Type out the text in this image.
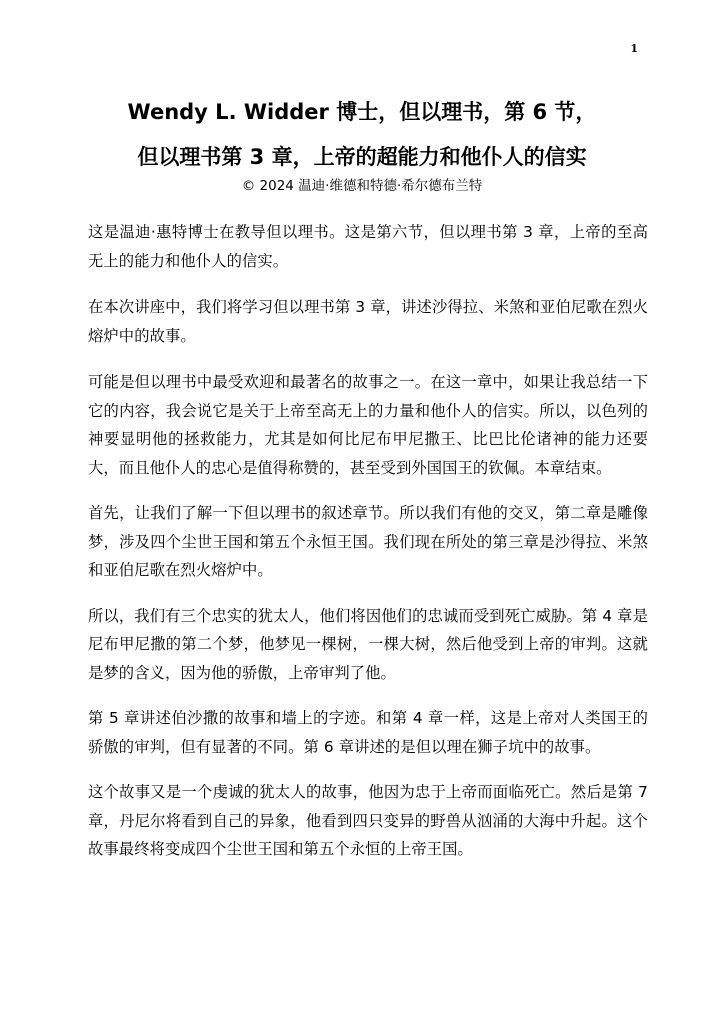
1
Wendy L. Widder 博士，但以理书，第 6 节，
但以理书第 3 章，上帝的超能力和他仆人的信实
© 2024 温迪·维德和特德·希尔德布兰特

这是温迪·惠特博士在教导但以理书。这是第六节，但以理书第 3 章，上帝的至高无上的能力和他仆人的信实。

在本次讲座中，我们将学习但以理书第 3 章，讲述沙得拉、米煞和亚伯尼歌在烈火熔炉中的故事。

可能是但以理书中最受欢迎和最著名的故事之一。在这一章中，如果让我总结一下它的内容，我会说它是关于上帝至高无上的力量和他仆人的信实。所以，以色列的神要显明他的拯救能力，尤其是如何比尼布甲尼撒王、比巴比伦诸神的能力还要大，而且他仆人的忠心是值得称赞的，甚至受到外国国王的钦佩。本章结束。

首先，让我们了解一下但以理书的叙述章节。所以我们有他的交叉，第二章是雕像梦，涉及四个尘世王国和第五个永恒王国。我们现在所处的第三章是沙得拉、米煞和亚伯尼歌在烈火熔炉中。

所以，我们有三个忠实的犹太人，他们将因他们的忠诚而受到死亡威胁。第 4 章是尼布甲尼撒的第二个梦，他梦见一棵树，一棵大树，然后他受到上帝的审判。这就是梦的含义，因为他的骄傲，上帝审判了他。

第 5 章讲述伯沙撒的故事和墙上的字迹。和第 4 章一样，这是上帝对人类国王的骄傲的审判，但有显著的不同。第 6 章讲述的是但以理在狮子坑中的故事。

这个故事又是一个虔诚的犹太人的故事，他因为忠于上帝而面临死亡。然后是第 7 章，丹尼尔将看到自己的异象，他看到四只变异的野兽从汹涌的大海中升起。这个故事最终将变成四个尘世王国和第五个永恒的上帝王国。
